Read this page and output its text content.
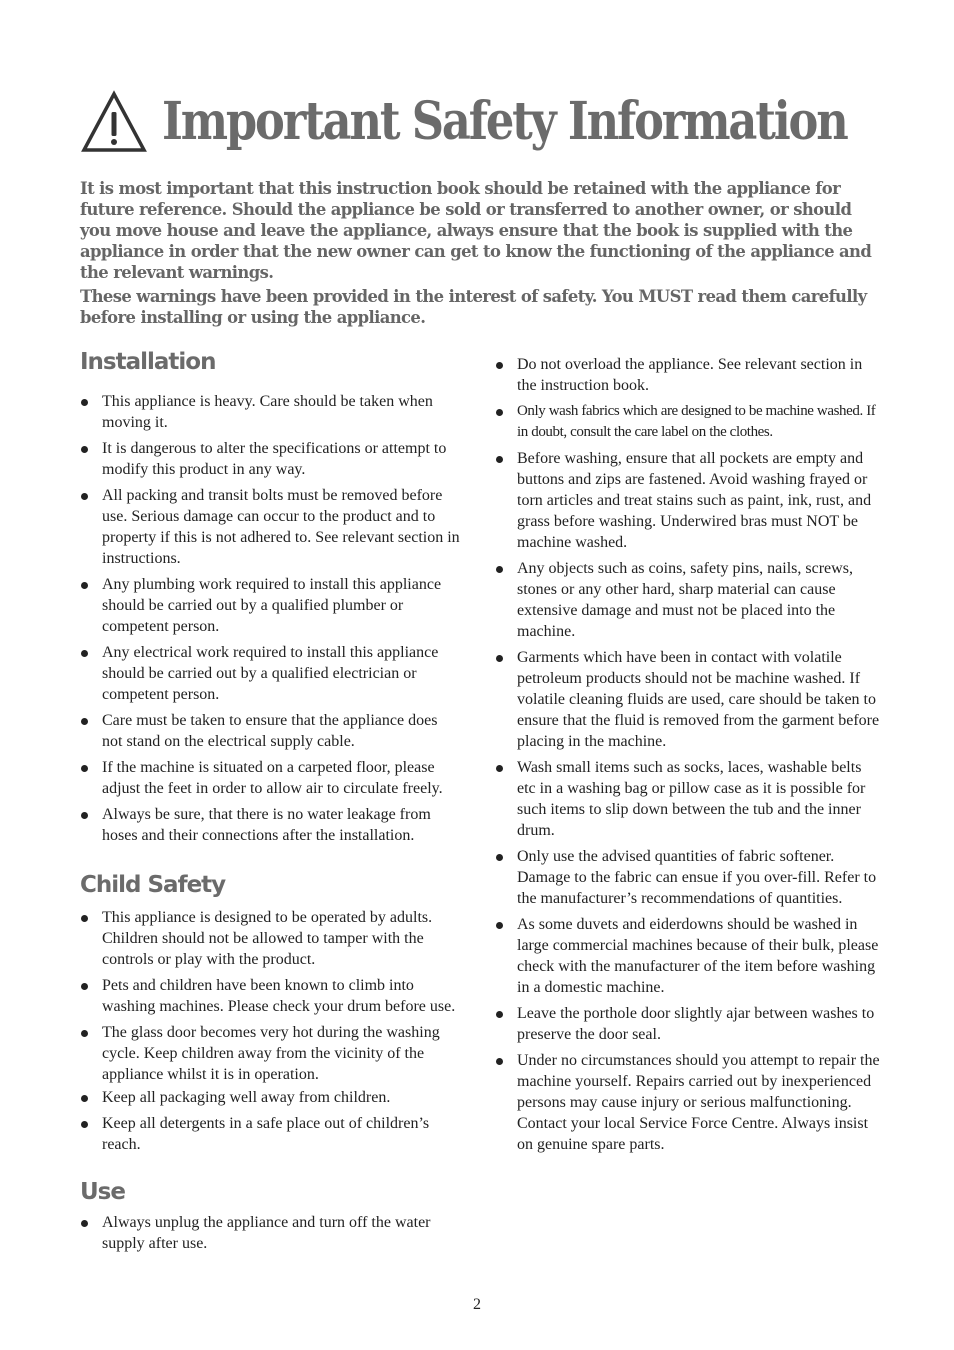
Important Safety Information

It is most important that this instruction book should be retained with the appliance for future reference. Should the appliance be sold or transferred to another owner, or should you move house and leave the appliance, always ensure that the book is supplied with the appliance in order that the new owner can get to know the functioning of the appliance and the relevant warnings.

These warnings have been provided in the interest of safety. You MUST read them carefully before installing or using the appliance.

Installation
This appliance is heavy. Care should be taken when moving it.
It is dangerous to alter the specifications or attempt to modify this product in any way.
All packing and transit bolts must be removed before use. Serious damage can occur to the product and to property if this is not adhered to. See relevant section in instructions.
Any plumbing work required to install this appliance should be carried out by a qualified plumber or competent person.
Any electrical work required to install this appliance should be carried out by a qualified electrician or competent person.
Care must be taken to ensure that the appliance does not stand on the electrical supply cable.
If the machine is situated on a carpeted floor, please adjust the feet in order to allow air to circulate freely.
Always be sure, that there is no water leakage from hoses and their connections after the installation.
Child Safety
This appliance is designed to be operated by adults. Children should not be allowed to tamper with the controls or play with the product.
Pets and children have been known to climb into washing machines. Please check your drum before use.
The glass door becomes very hot during the washing cycle. Keep children away from the vicinity of the appliance whilst it is in operation.
Keep all packaging well away from children.
Keep all detergents in a safe place out of children’s reach.
Use
Always unplug the appliance and turn off the water supply after use.
Do not overload the appliance. See relevant section in the instruction book.
Only wash fabrics which are designed to be machine washed. If in doubt, consult the care label on the clothes.
Before washing, ensure that all pockets are empty and buttons and zips are fastened. Avoid washing frayed or torn articles and treat stains such as paint, ink, rust, and grass before washing. Underwired bras must NOT be machine washed.
Any objects such as coins, safety pins, nails, screws, stones or any other hard, sharp material can cause extensive damage and must not be placed into the machine.
Garments which have been in contact with volatile petroleum products should not be machine washed. If volatile cleaning fluids are used, care should be taken to ensure that the fluid is removed from the garment before placing in the machine.
Wash small items such as socks, laces, washable belts etc in a washing bag or pillow case as it is possible for such items to slip down between the tub and the inner drum.
Only use the advised quantities of fabric softener. Damage to the fabric can ensue if you over-fill. Refer to the manufacturer’s recommendations of quantities.
As some duvets and eiderdowns should be washed in large commercial machines because of their bulk, please check with the manufacturer of the item before washing in a domestic machine.
Leave the porthole door slightly ajar between washes to preserve the door seal.
Under no circumstances should you attempt to repair the machine yourself. Repairs carried out by inexperienced persons may cause injury or serious malfunctioning. Contact your local Service Force Centre. Always insist on genuine spare parts.
2
